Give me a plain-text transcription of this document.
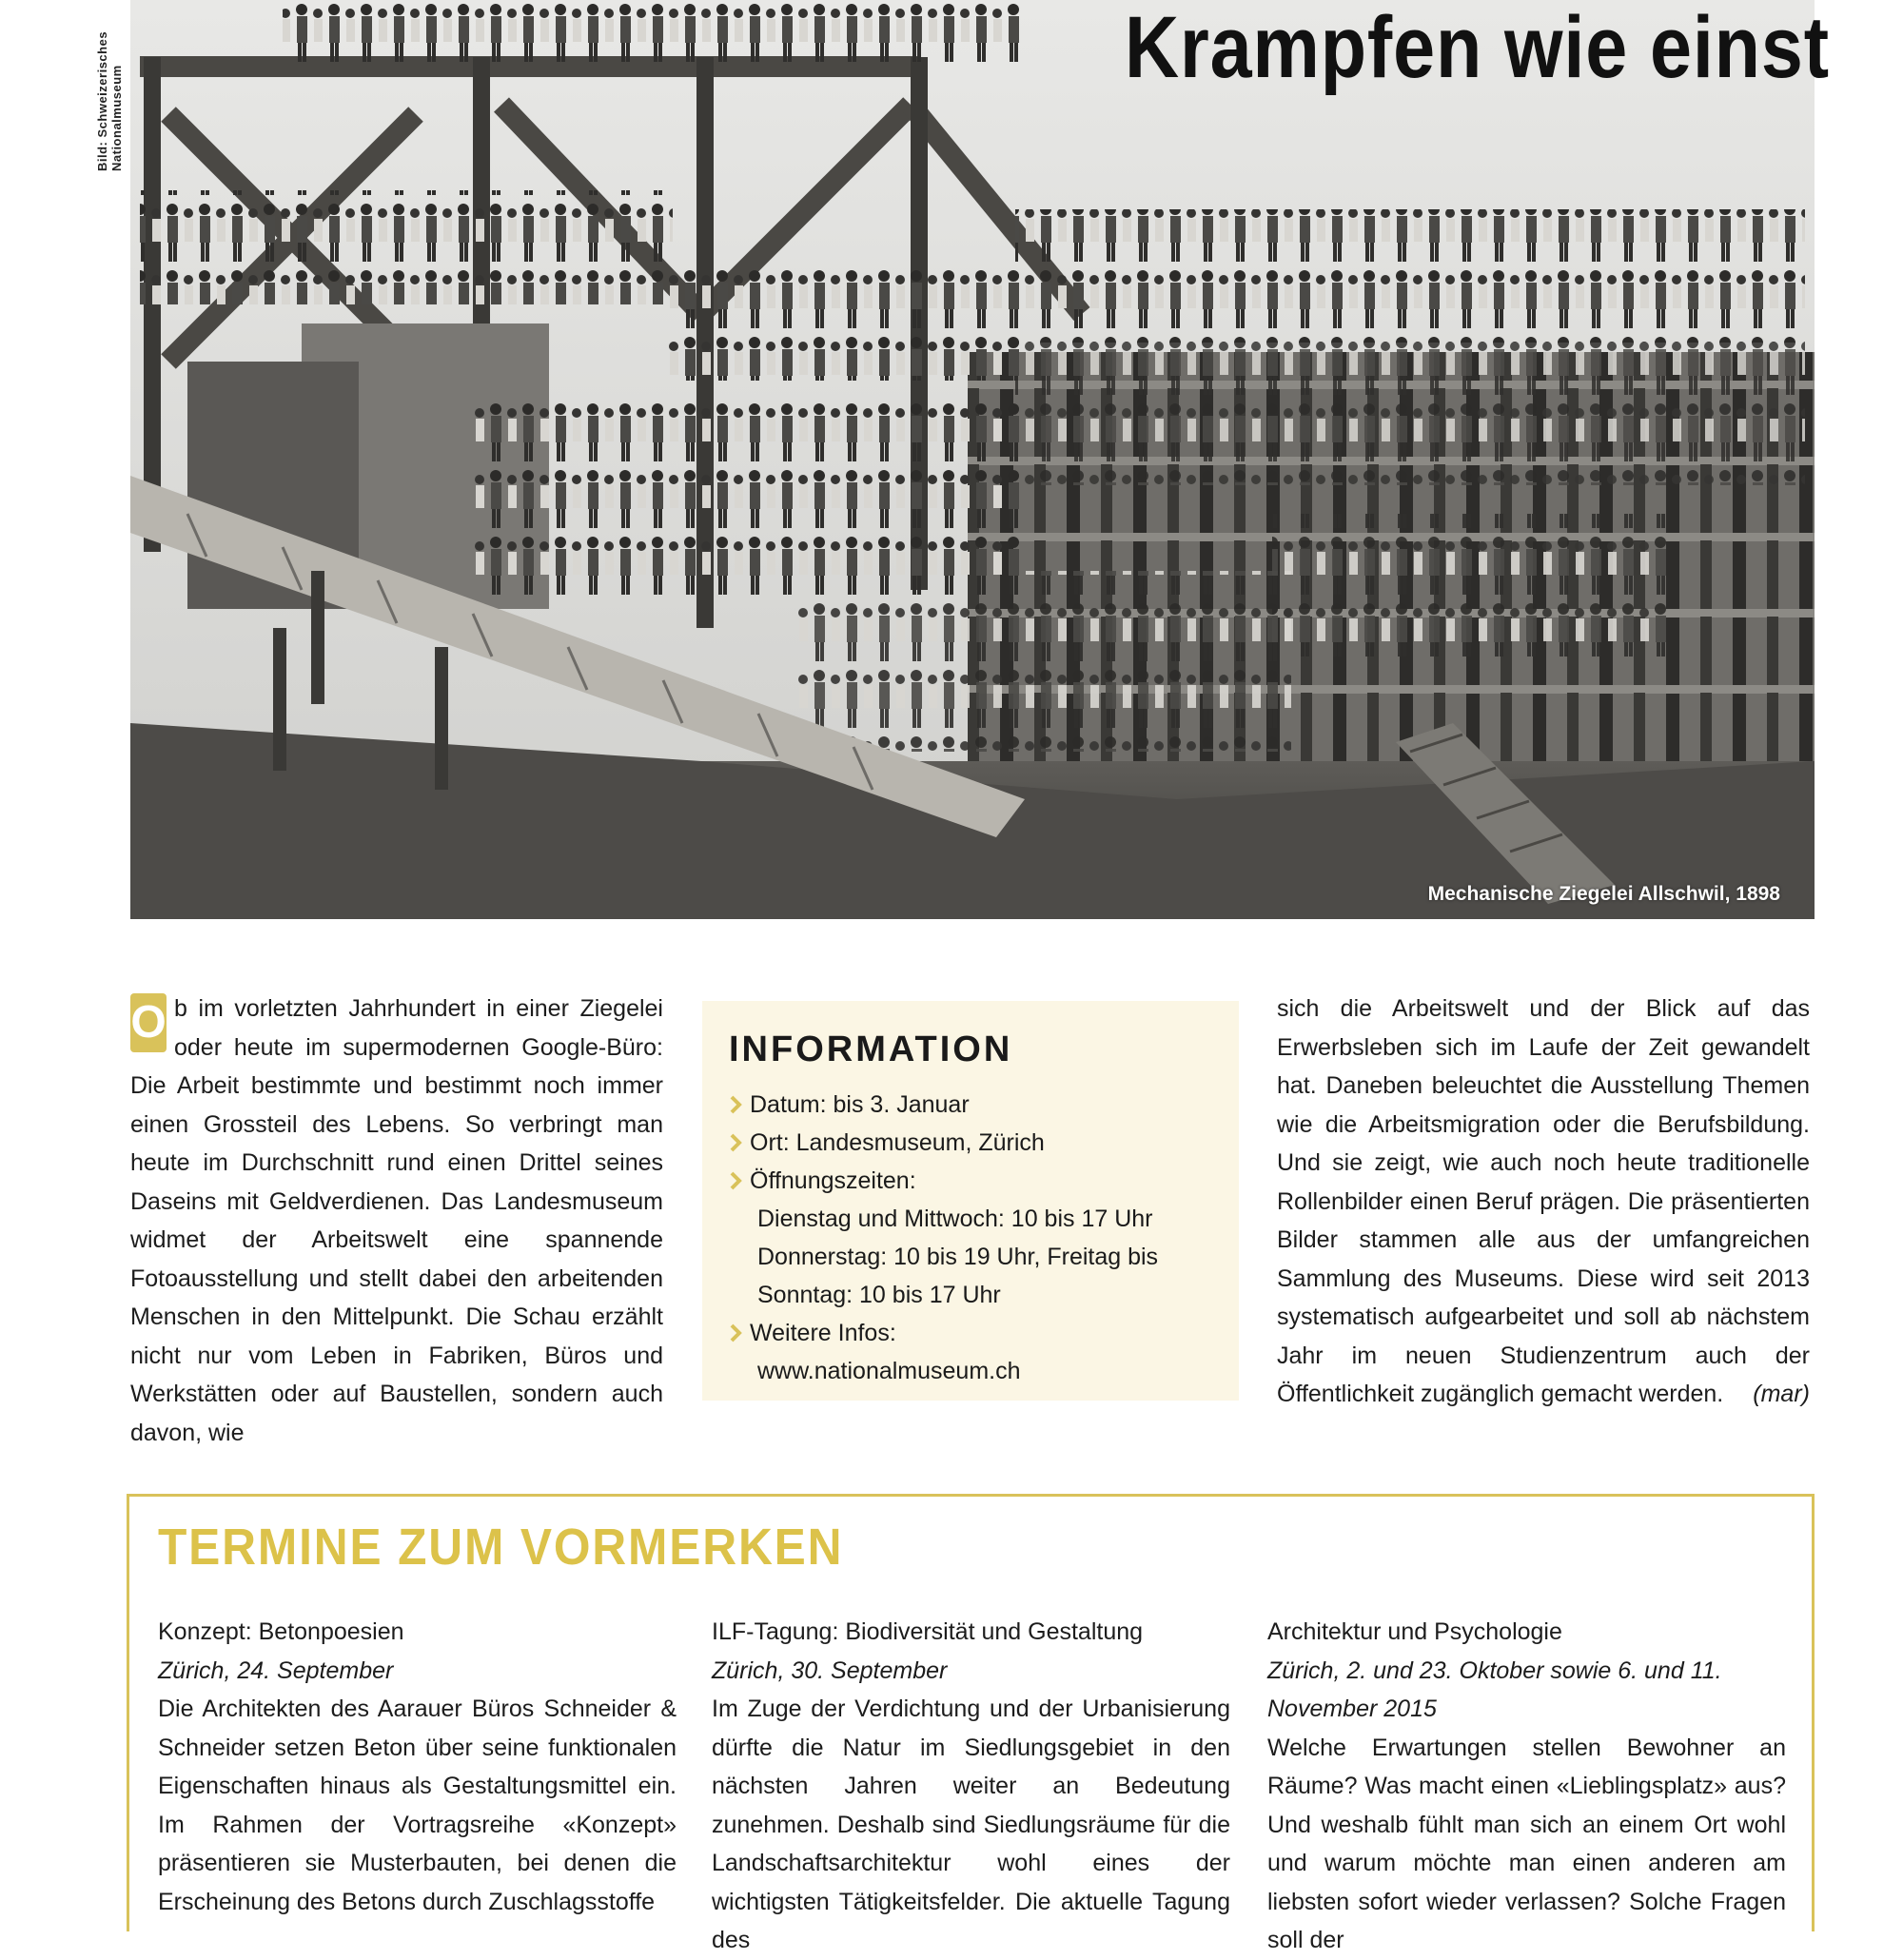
Bild: Schweizerisches Nationalmuseum
Krampfen wie einst
Mechanische Ziegelei Allschwil, 1898
O b im vorletzten Jahrhundert in einer Ziegelei oder heute im supermodernen Google-Büro: Die Arbeit bestimmte und bestimmt noch immer einen Grossteil des Lebens. So verbringt man heute im Durchschnitt rund einen Drittel seines Daseins mit Geldverdienen. Das Landesmuseum widmet der Arbeitswelt eine spannende Fotoausstellung und stellt dabei den arbeitenden Menschen in den Mittelpunkt. Die Schau erzählt nicht nur vom Leben in Fabriken, Büros und Werkstätten oder auf Baustellen, sondern auch davon, wie
INFORMATION
Datum: bis 3. Januar
Ort: Landesmuseum, Zürich
Öffnungszeiten:
Dienstag und Mittwoch: 10 bis 17 Uhr
Donnerstag: 10 bis 19 Uhr, Freitag bis
Sonntag: 10 bis 17 Uhr
Weitere Infos:
www.nationalmuseum.ch
sich die Arbeitswelt und der Blick auf das Erwerbsleben sich im Laufe der Zeit gewandelt hat. Daneben beleuchtet die Ausstellung Themen wie die Arbeitsmigration oder die Berufsbildung. Und sie zeigt, wie auch noch heute traditionelle Rollenbilder einen Beruf prägen. Die präsentierten Bilder stammen alle aus der umfangreichen Sammlung des Museums. Diese wird seit 2013 systematisch aufgearbeitet und soll ab nächstem Jahr im neuen Studienzentrum auch der Öffentlichkeit zugänglich gemacht werden. (mar)
TERMINE ZUM VORMERKEN
Konzept: Betonpoesien
Zürich, 24. September
Die Architekten des Aarauer Büros Schneider & Schneider setzen Beton über seine funktionalen Eigenschaften hinaus als Gestaltungsmittel ein. Im Rahmen der Vortragsreihe «Konzept» präsentieren sie Musterbauten, bei denen die Erscheinung des Betons durch Zuschlagsstoffe
ILF-Tagung: Biodiversität und Gestaltung
Zürich, 30. September
Im Zuge der Verdichtung und der Urbanisierung dürfte die Natur im Siedlungsgebiet in den nächsten Jahren weiter an Bedeutung zunehmen. Deshalb sind Siedlungsräume für die Landschaftsarchitektur wohl eines der wichtigsten Tätigkeitsfelder. Die aktuelle Tagung des
Architektur und Psychologie
Zürich, 2. und 23. Oktober sowie 6. und 11. November 2015
Welche Erwartungen stellen Bewohner an Räume? Was macht einen «Lieblingsplatz» aus? Und weshalb fühlt man sich an einem Ort wohl und warum möchte man einen anderen am liebsten sofort wieder verlassen? Solche Fragen soll der
